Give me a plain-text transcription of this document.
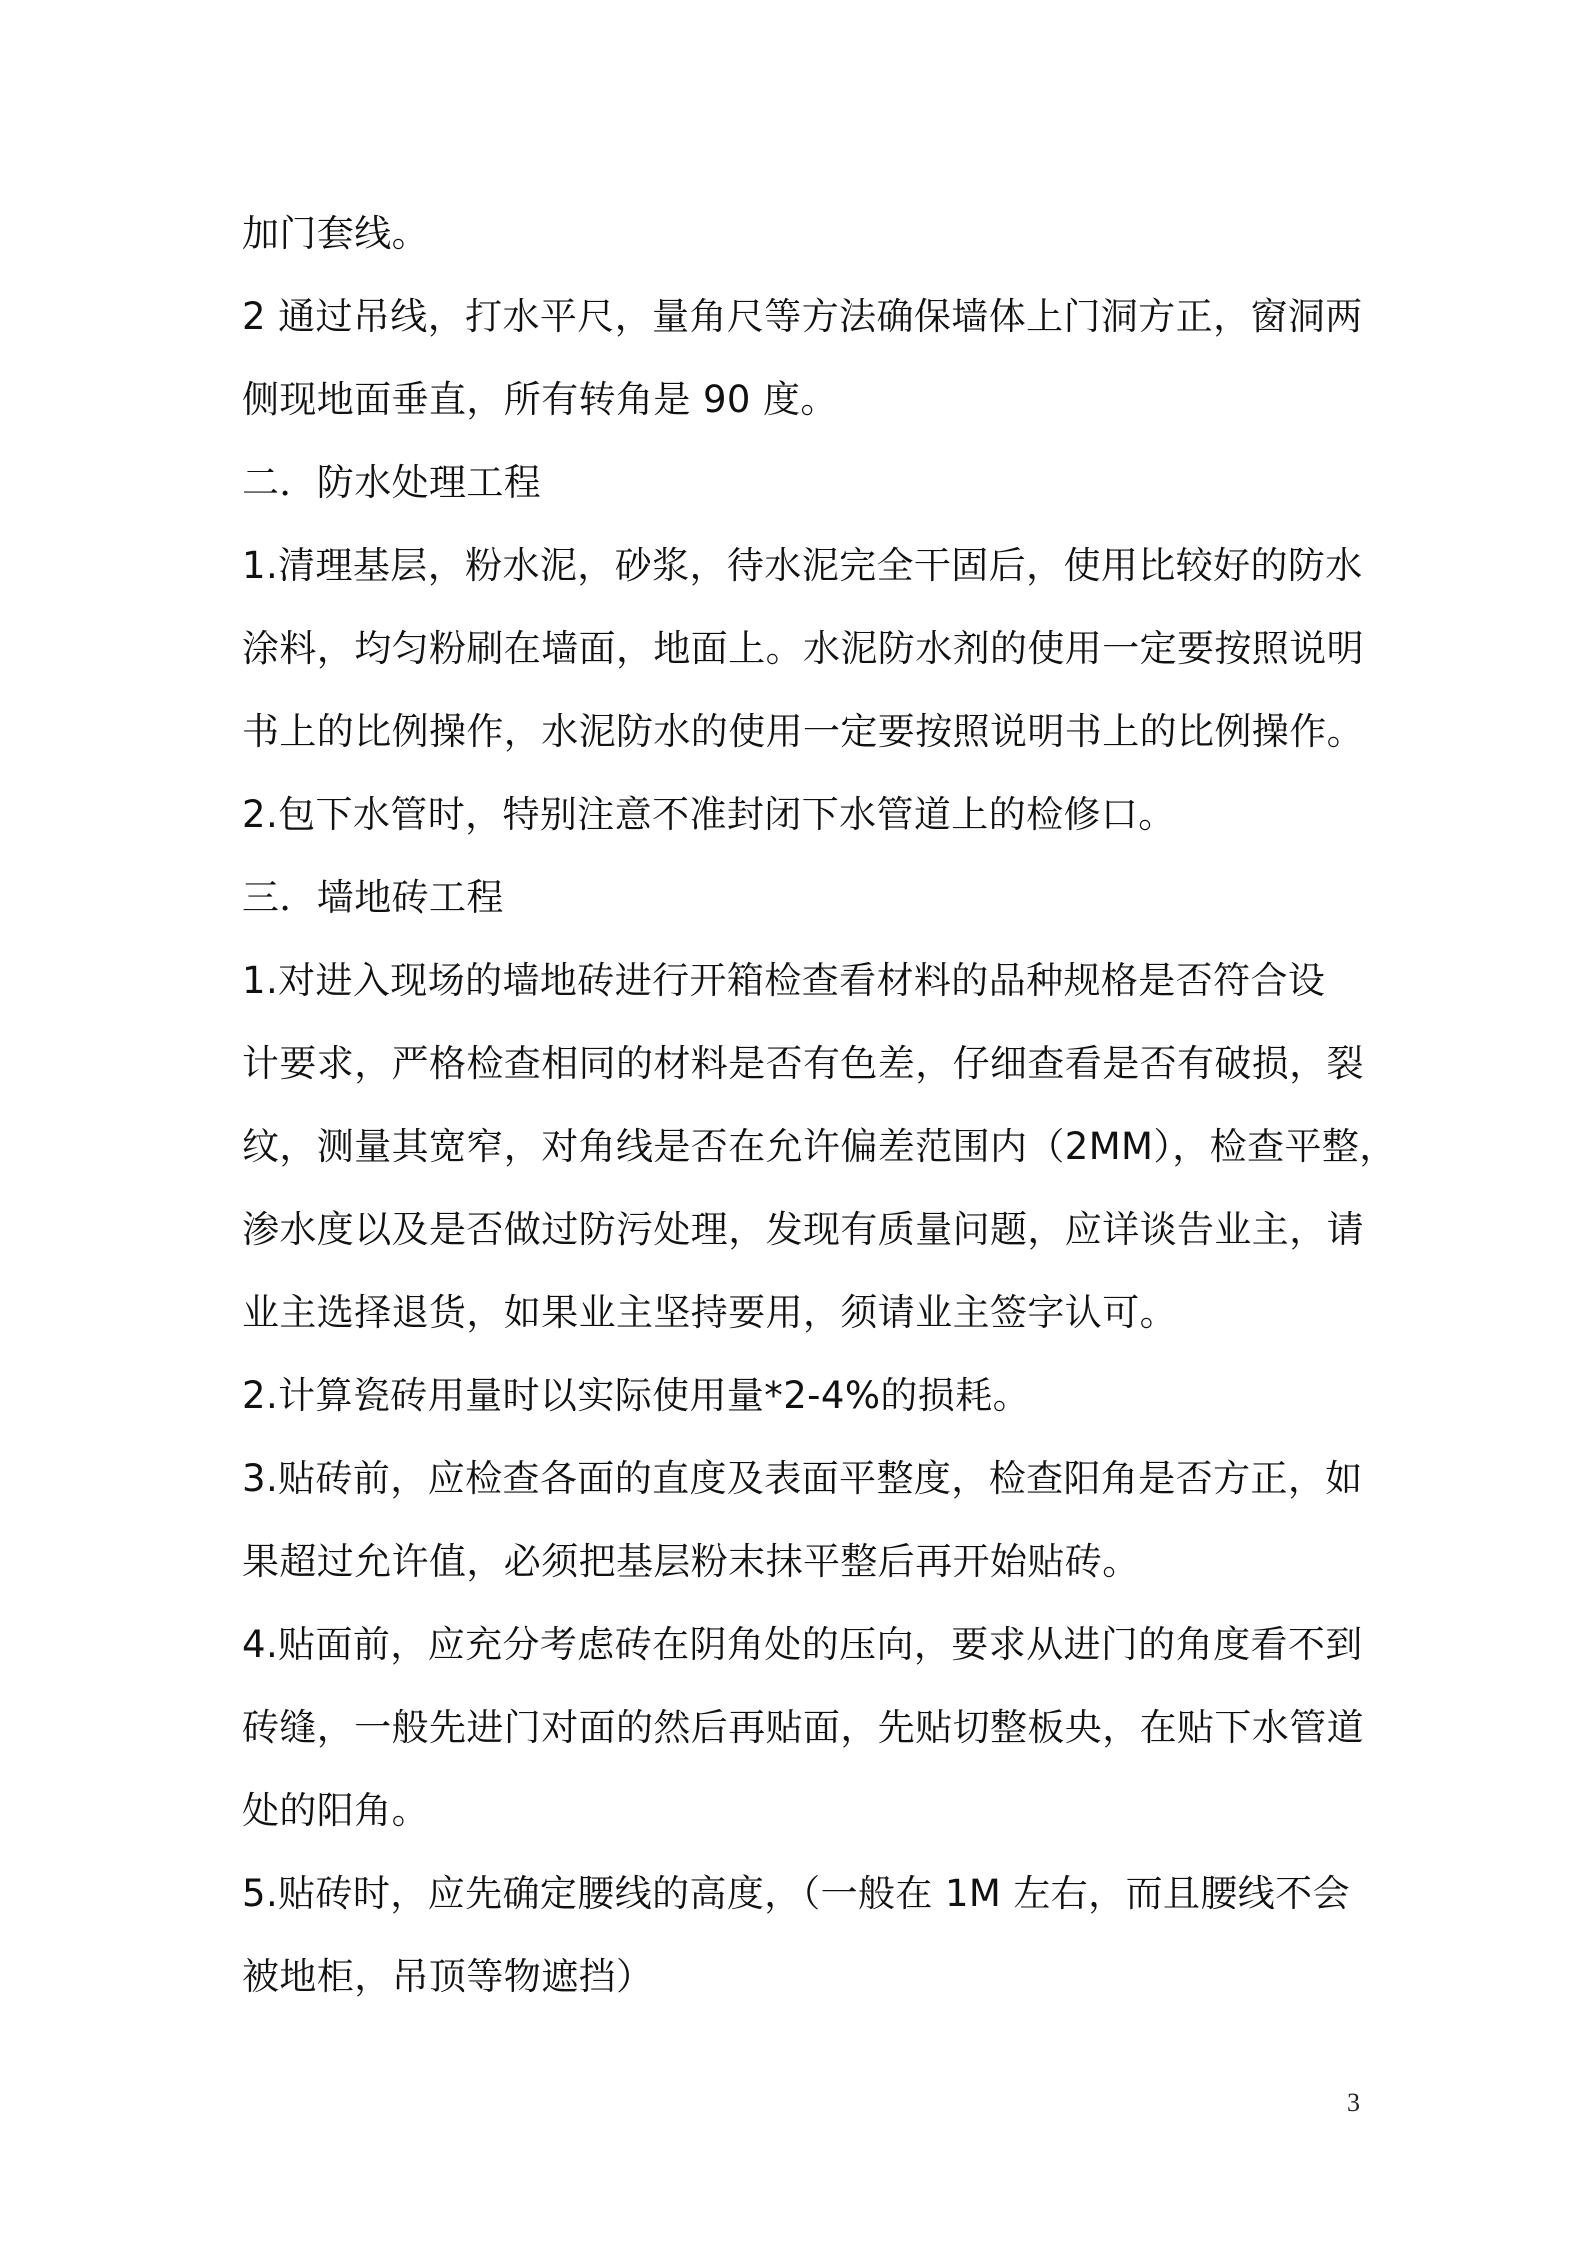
加门套线。
2 通过吊线，打水平尺，量角尺等方法确保墙体上门洞方正，窗洞两
侧现地面垂直，所有转角是 90 度。
二．防水处理工程
1.清理基层，粉水泥，砂浆，待水泥完全干固后，使用比较好的防水
涂料，均匀粉刷在墙面，地面上。水泥防水剂的使用一定要按照说明
书上的比例操作，水泥防水的使用一定要按照说明书上的比例操作。
2.包下水管时，特别注意不准封闭下水管道上的检修口。
三．墙地砖工程
1.对进入现场的墙地砖进行开箱检查看材料的品种规格是否符合设
计要求，严格检查相同的材料是否有色差，仔细查看是否有破损，裂
纹，测量其宽窄，对角线是否在允许偏差范围内（2MM），检查平整，
渗水度以及是否做过防污处理，发现有质量问题，应详谈告业主，请
业主选择退货，如果业主坚持要用，须请业主签字认可。
2.计算瓷砖用量时以实际使用量*2-4%的损耗。
3.贴砖前，应检查各面的直度及表面平整度，检查阳角是否方正，如
果超过允许值，必须把基层粉末抹平整后再开始贴砖。
4.贴面前，应充分考虑砖在阴角处的压向，要求从进门的角度看不到
砖缝，一般先进门对面的然后再贴面，先贴切整板央，在贴下水管道
处的阳角。
5.贴砖时，应先确定腰线的高度，（一般在 1M 左右，而且腰线不会
被地柜，吊顶等物遮挡）
3
